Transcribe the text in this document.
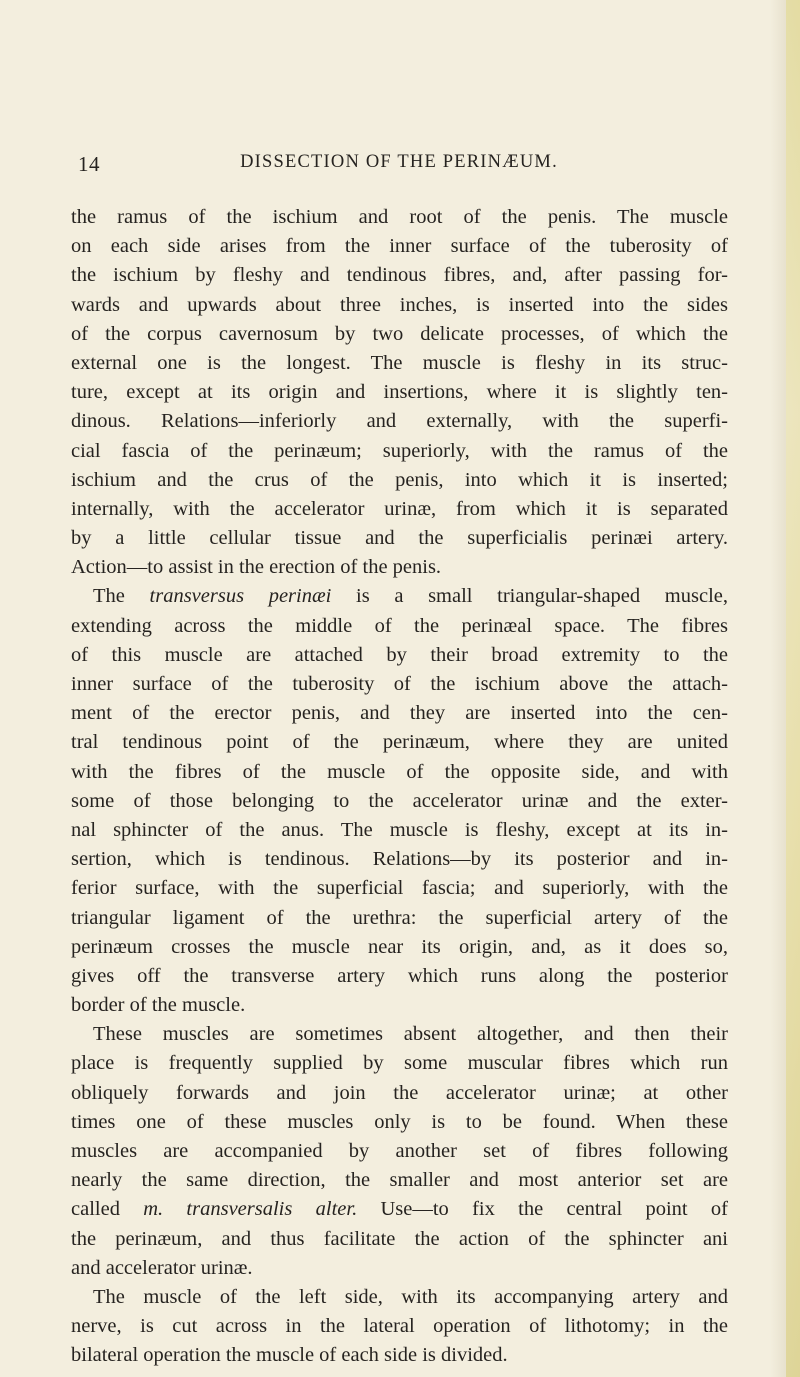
14	DISSECTION OF THE PERINÆUM.
the ramus of the ischium and root of the penis. The muscle
on each side arises from the inner surface of the tuberosity of
the ischium by fleshy and tendinous fibres, and, after passing for-
wards and upwards about three inches, is inserted into the sides
of the corpus cavernosum by two delicate processes, of which the
external one is the longest. The muscle is fleshy in its struc-
ture, except at its origin and insertions, where it is slightly ten-
dinous. Relations—inferiorly and externally, with the superfi-
cial fascia of the perinæum; superiorly, with the ramus of the
ischium and the crus of the penis, into which it is inserted;
internally, with the accelerator urinæ, from which it is separated
by a little cellular tissue and the superficialis perinæi artery.
Action—to assist in the erection of the penis.
The transversus perinæi is a small triangular-shaped muscle,
extending across the middle of the perinæal space. The fibres
of this muscle are attached by their broad extremity to the
inner surface of the tuberosity of the ischium above the attach-
ment of the erector penis, and they are inserted into the cen-
tral tendinous point of the perinæum, where they are united
with the fibres of the muscle of the opposite side, and with
some of those belonging to the accelerator urinæ and the exter-
nal sphincter of the anus. The muscle is fleshy, except at its in-
sertion, which is tendinous. Relations—by its posterior and in-
ferior surface, with the superficial fascia; and superiorly, with the
triangular ligament of the urethra: the superficial artery of the
perinæum crosses the muscle near its origin, and, as it does so,
gives off the transverse artery which runs along the posterior
border of the muscle.
These muscles are sometimes absent altogether, and then their
place is frequently supplied by some muscular fibres which run
obliquely forwards and join the accelerator urinæ; at other
times one of these muscles only is to be found. When these
muscles are accompanied by another set of fibres following
nearly the same direction, the smaller and most anterior set are
called m. transversalis alter. Use—to fix the central point of
the perinæum, and thus facilitate the action of the sphincter ani
and accelerator urinæ.
The muscle of the left side, with its accompanying artery and
nerve, is cut across in the lateral operation of lithotomy; in the
bilateral operation the muscle of each side is divided.
